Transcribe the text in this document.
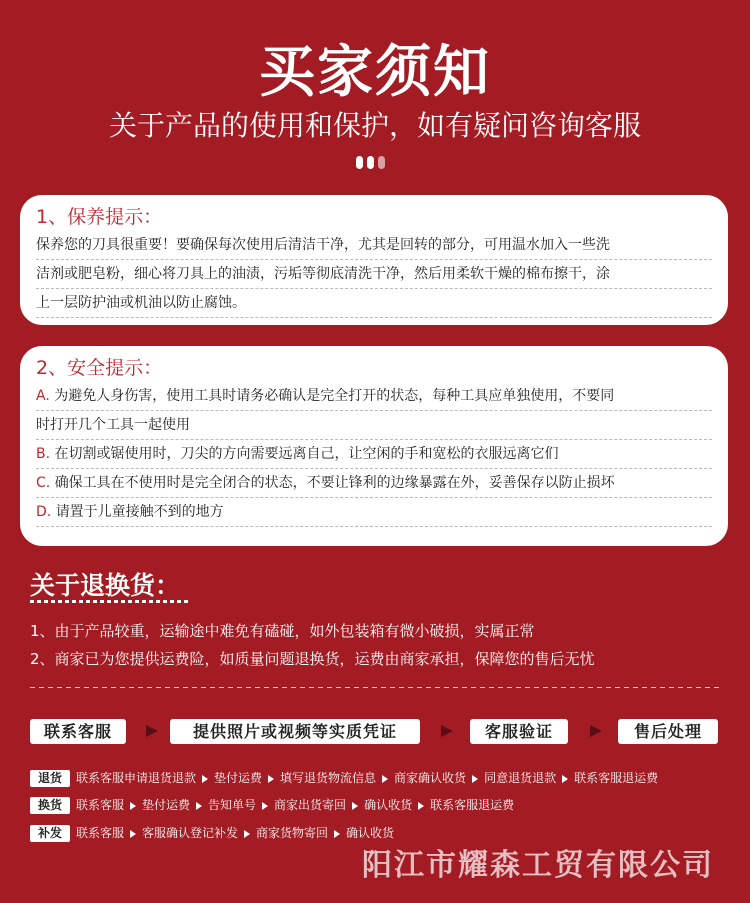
买家须知
关于产品的使用和保护，如有疑问咨询客服
1、保养提示：
保养您的刀具很重要！要确保每次使用后清洁干净，尤其是回转的部分，可用温水加入一些洗
洁剂或肥皂粉，细心将刀具上的油渍，污垢等彻底清洗干净，然后用柔软干燥的棉布擦干，涂
上一层防护油或机油以防止腐蚀。
2、安全提示：
A. 为避免人身伤害，使用工具时请务必确认是完全打开的状态，每种工具应单独使用，不要同
时打开几个工具一起使用
B. 在切割或锯使用时，刀尖的方向需要远离自己，让空闲的手和宽松的衣服远离它们
C. 确保工具在不使用时是完全闭合的状态，不要让锋利的边缘暴露在外，妥善保存以防止损坏
D. 请置于儿童接触不到的地方
关于退换货：
1、由于产品较重，运输途中难免有磕碰，如外包装箱有微小破损，实属正常
2、商家已为您提供运费险，如质量问题退换货，运费由商家承担，保障您的售后无忧
联系客服	提供照片或视频等实质凭证	客服验证	售后处理
退货	联系客服申请退货退款 垫付运费 填写退货物流信息 商家确认收货 同意退货退款 联系客服退运费
换货	联系客服 垫付运费 告知单号 商家出货寄回 确认收货 联系客服退运费
补发	联系客服 客服确认登记补发 商家货物寄回 确认收货
阳江市耀森工贸有限公司
